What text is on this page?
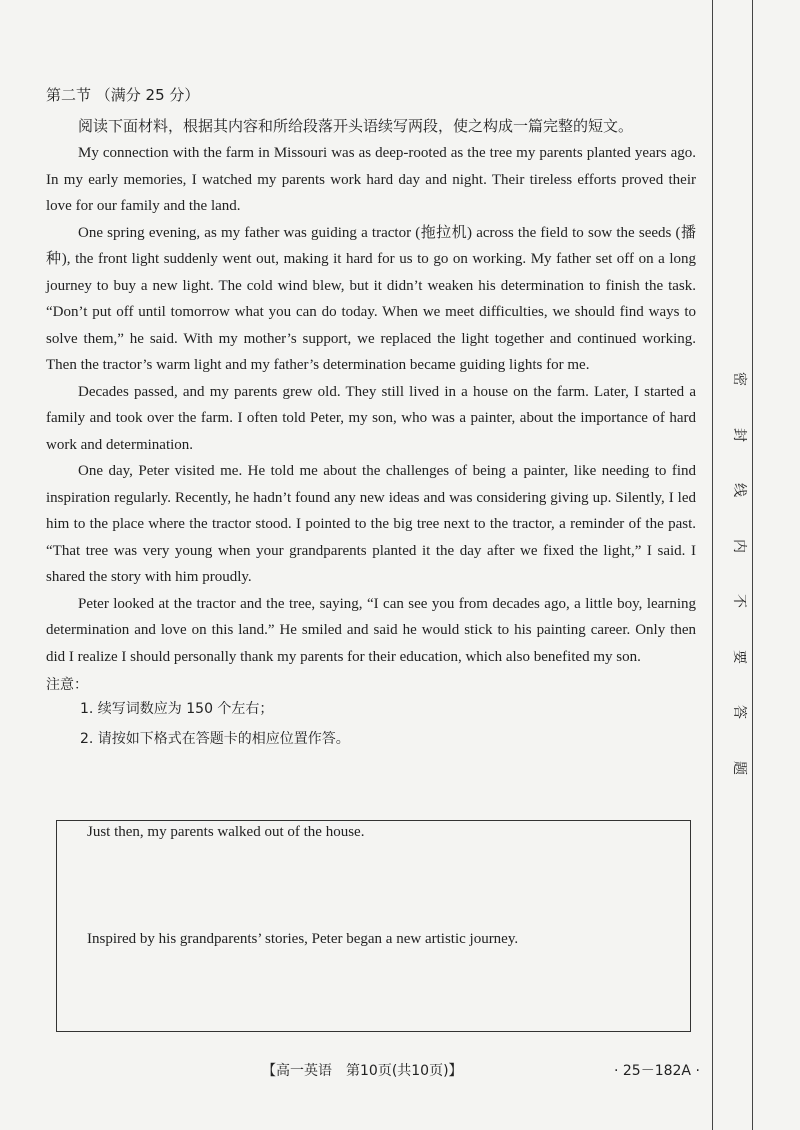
第二节 （满分 25 分）
阅读下面材料，根据其内容和所给段落开头语续写两段，使之构成一篇完整的短文。

My connection with the farm in Missouri was as deep-rooted as the tree my parents planted years ago. In my early memories, I watched my parents work hard day and night. Their tireless efforts proved their love for our family and the land.

One spring evening, as my father was guiding a tractor (拖拉机) across the field to sow the seeds (播种), the front light suddenly went out, making it hard for us to go on working. My father set off on a long journey to buy a new light. The cold wind blew, but it didn’t weaken his determination to finish the task. “Don’t put off until tomorrow what you can do today. When we meet difficulties, we should find ways to solve them,” he said. With my mother’s support, we replaced the light together and continued working. Then the tractor’s warm light and my father’s determination became guiding lights for me.

Decades passed, and my parents grew old. They still lived in a house on the farm. Later, I started a family and took over the farm. I often told Peter, my son, who was a painter, about the importance of hard work and determination.

One day, Peter visited me. He told me about the challenges of being a painter, like needing to find inspiration regularly. Recently, he hadn’t found any new ideas and was considering giving up. Silently, I led him to the place where the tractor stood. I pointed to the big tree next to the tractor, a reminder of the past. “That tree was very young when your grandparents planted it the day after we fixed the light,” I said. I shared the story with him proudly.

Peter looked at the tractor and the tree, saying, “I can see you from decades ago, a little boy, learning determination and love on this land.” He smiled and said he would stick to his painting career. Only then did I realize I should personally thank my parents for their education, which also benefited my son.

注意：
1. 续写词数应为 150 个左右；
2. 请按如下格式在答题卡的相应位置作答。
Just then, my parents walked out of the house.
Inspired by his grandparents’ stories, Peter began a new artistic journey.
【高一英语　第10页(共10页)】	· 25－182A ·
密
封
线
内
不
要
答
题
